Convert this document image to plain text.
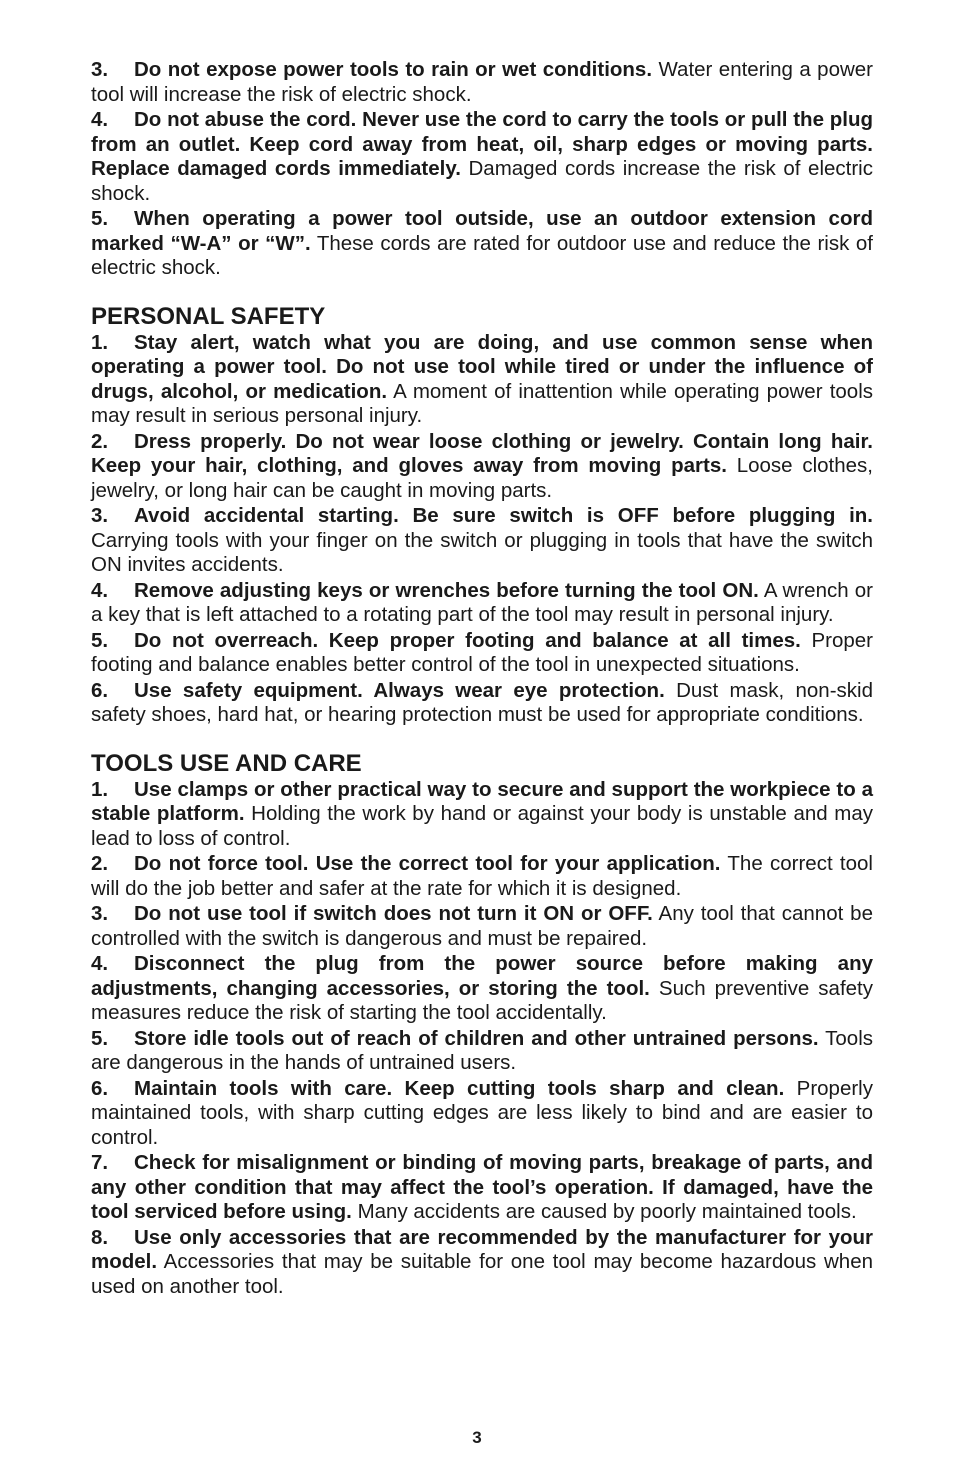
3. Do not expose power tools to rain or wet conditions. Water entering a power tool will increase the risk of electric shock.

4. Do not abuse the cord. Never use the cord to carry the tools or pull the plug from an outlet. Keep cord away from heat, oil, sharp edges or moving parts. Replace damaged cords immediately. Damaged cords increase the risk of electric shock.

5. When operating a power tool outside, use an outdoor extension cord marked “W-A” or “W”. These cords are rated for outdoor use and reduce the risk of electric shock.

PERSONAL SAFETY

1. Stay alert, watch what you are doing, and use common sense when operating a power tool. Do not use tool while tired or under the influence of drugs, alcohol, or medication. A moment of inattention while operating power tools may result in serious personal injury.

2. Dress properly. Do not wear loose clothing or jewelry. Contain long hair. Keep your hair, clothing, and gloves away from moving parts. Loose clothes, jewelry, or long hair can be caught in moving parts.

3. Avoid accidental starting. Be sure switch is OFF before plugging in. Carrying tools with your finger on the switch or plugging in tools that have the switch ON invites accidents.

4. Remove adjusting keys or wrenches before turning the tool ON. A wrench or a key that is left attached to a rotating part of the tool may result in personal injury.

5. Do not overreach. Keep proper footing and balance at all times. Proper footing and balance enables better control of the tool in unexpected situations.

6. Use safety equipment. Always wear eye protection. Dust mask, non-skid safety shoes, hard hat, or hearing protection must be used for appropriate conditions.

TOOLS USE AND CARE

1. Use clamps or other practical way to secure and support the workpiece to a stable platform. Holding the work by hand or against your body is unstable and may lead to loss of control.

2. Do not force tool. Use the correct tool for your application. The correct tool will do the job better and safer at the rate for which it is designed.

3. Do not use tool if switch does not turn it ON or OFF. Any tool that cannot be controlled with the switch is dangerous and must be repaired.

4. Disconnect the plug from the power source before making any adjustments, changing accessories, or storing the tool. Such preventive safety measures reduce the risk of starting the tool accidentally.

5. Store idle tools out of reach of children and other untrained persons. Tools are dangerous in the hands of untrained users.

6. Maintain tools with care. Keep cutting tools sharp and clean. Properly maintained tools, with sharp cutting edges are less likely to bind and are easier to control.

7. Check for misalignment or binding of moving parts, breakage of parts, and any other condition that may affect the tool’s operation. If damaged, have the tool serviced before using. Many accidents are caused by poorly maintained tools.

8. Use only accessories that are recommended by the manufacturer for your model. Accessories that may be suitable for one tool may become hazardous when used on another tool.

3
